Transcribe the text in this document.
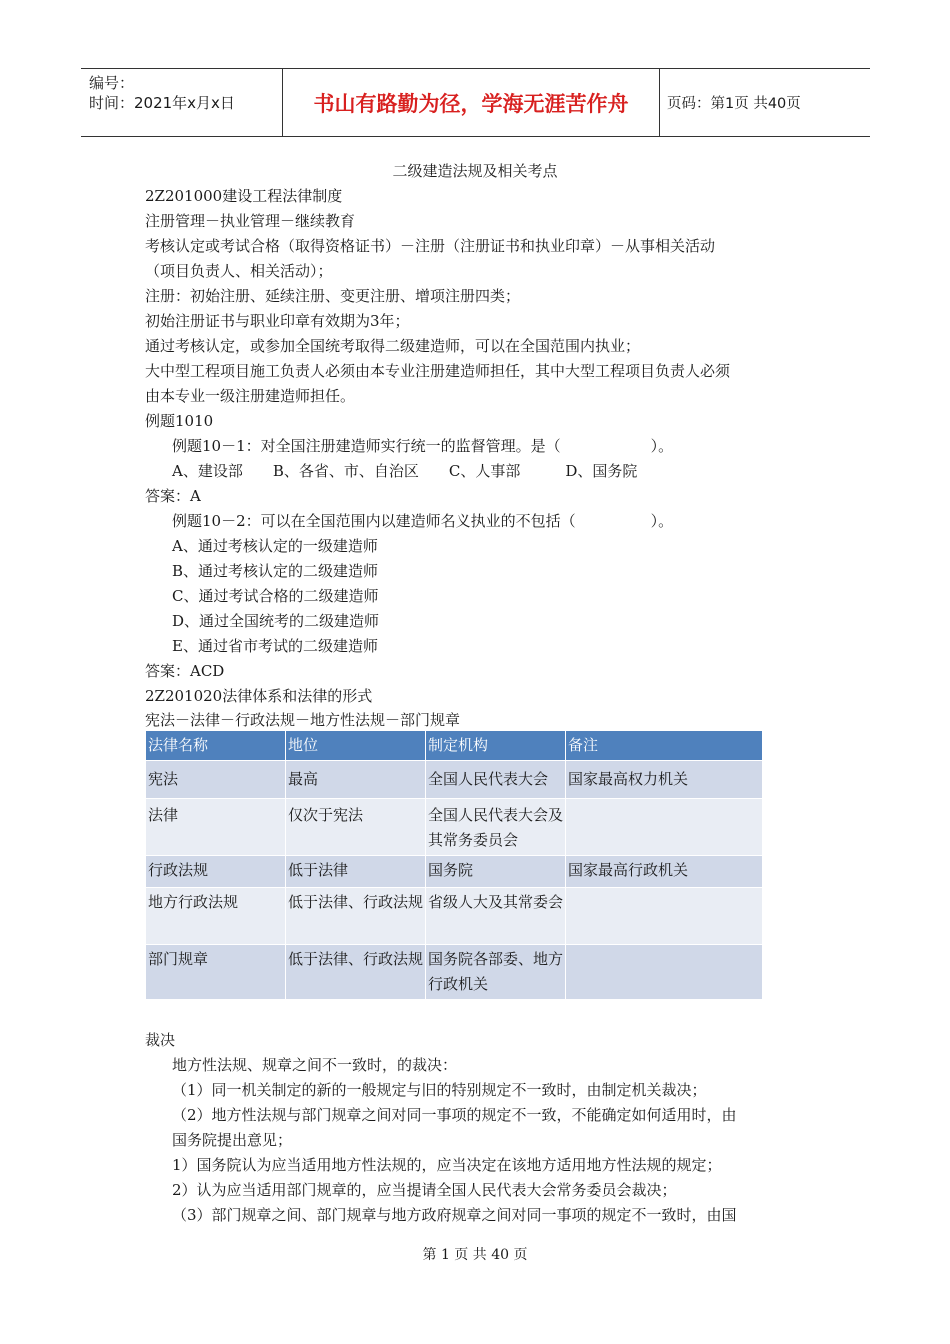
编号：
时间：2021年x月x日	书山有路勤为径，学海无涯苦作舟	页码：第1页 共40页
二级建造法规及相关考点
2Z201000建设工程法律制度
注册管理－执业管理－继续教育
考核认定或考试合格（取得资格证书）－注册（注册证书和执业印章）－从事相关活动
（项目负责人、相关活动）；
注册：初始注册、延续注册、变更注册、增项注册四类；
初始注册证书与职业印章有效期为3年；
通过考核认定，或参加全国统考取得二级建造师，可以在全国范围内执业；
大中型工程项目施工负责人必须由本专业注册建造师担任，其中大型工程项目负责人必须
由本专业一级注册建造师担任。
例题1010
例题10－1：对全国注册建造师实行统一的监督管理。是（　　　　　　）。
A、建设部　　B、各省、市、自治区　　C、人事部　　　D、国务院
答案：A
例题10－2：可以在全国范围内以建造师名义执业的不包括（　　　　　）。
A、通过考核认定的一级建造师
B、通过考核认定的二级建造师
C、通过考试合格的二级建造师
D、通过全国统考的二级建造师
E、通过省市考试的二级建造师
答案：ACD
2Z201020法律体系和法律的形式
宪法－法律－行政法规－地方性法规－部门规章
法律名称	地位	制定机构	备注
宪法	最高	全国人民代表大会	国家最高权力机关
法律	仅次于宪法	全国人民代表大会及其常务委员会	
行政法规	低于法律	国务院	国家最高行政机关
地方行政法规	低于法律、行政法规	省级人大及其常委会	
部门规章	低于法律、行政法规	国务院各部委、地方行政机关	
裁决
地方性法规、规章之间不一致时，的裁决：
（1）同一机关制定的新的一般规定与旧的特别规定不一致时，由制定机关裁决；
（2）地方性法规与部门规章之间对同一事项的规定不一致，不能确定如何适用时，由
国务院提出意见；
1）国务院认为应当适用地方性法规的，应当决定在该地方适用地方性法规的规定；
2）认为应当适用部门规章的，应当提请全国人民代表大会常务委员会裁决；
（3）部门规章之间、部门规章与地方政府规章之间对同一事项的规定不一致时，由国
第 1 页 共 40 页
